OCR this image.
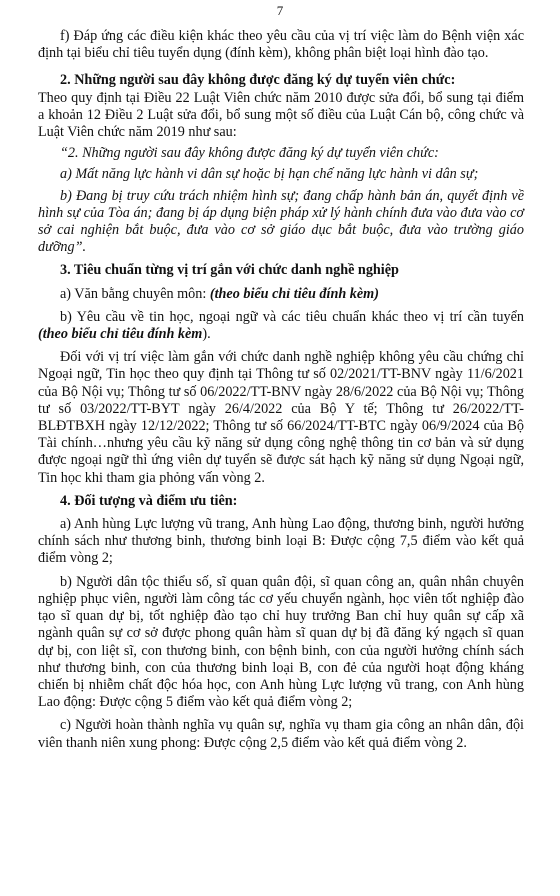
7

f) Đáp ứng các điều kiện khác theo yêu cầu của vị trí việc làm do Bệnh viện xác định tại biểu chỉ tiêu tuyển dụng (đính kèm), không phân biệt loại hình đào tạo.

2. Những người sau đây không được đăng ký dự tuyển viên chức:

Theo quy định tại Điều 22 Luật Viên chức năm 2010 được sửa đổi, bổ sung tại điểm a khoản 12 Điều 2 Luật sửa đổi, bổ sung một số điều của Luật Cán bộ, công chức và Luật Viên chức năm 2019 như sau:

“2. Những người sau đây không được đăng ký dự tuyển viên chức:

a) Mất năng lực hành vi dân sự hoặc bị hạn chế năng lực hành vi dân sự;

b) Đang bị truy cứu trách nhiệm hình sự; đang chấp hành bản án, quyết định về hình sự của Tòa án; đang bị áp dụng biện pháp xử lý hành chính đưa vào đưa vào cơ sở cai nghiện bắt buộc, đưa vào cơ sở giáo dục bắt buộc, đưa vào trường giáo dưỡng”.

3. Tiêu chuẩn từng vị trí gắn với chức danh nghề nghiệp

a) Văn bằng chuyên môn: (theo biểu chỉ tiêu đính kèm)

b) Yêu cầu về tin học, ngoại ngữ và các tiêu chuẩn khác theo vị trí cần tuyển (theo biểu chỉ tiêu đính kèm).

Đối với vị trí việc làm gắn với chức danh nghề nghiệp không yêu cầu chứng chỉ Ngoại ngữ, Tin học theo quy định tại Thông tư số 02/2021/TT-BNV ngày 11/6/2021 của Bộ Nội vụ; Thông tư số 06/2022/TT-BNV ngày 28/6/2022 của Bộ Nội vụ; Thông tư số 03/2022/TT-BYT ngày 26/4/2022 của Bộ Y tế; Thông tư 26/2022/TT-BLĐTBXH ngày 12/12/2022; Thông tư số 66/2024/TT-BTC ngày 06/9/2024 của Bộ Tài chính…nhưng yêu cầu kỹ năng sử dụng công nghệ thông tin cơ bản và sử dụng được ngoại ngữ thì ứng viên dự tuyển sẽ được sát hạch kỹ năng sử dụng Ngoại ngữ, Tin học khi tham gia phỏng vấn vòng 2.

4. Đối tượng và điểm ưu tiên:

a) Anh hùng Lực lượng vũ trang, Anh hùng Lao động, thương binh, người hưởng chính sách như thương binh, thương binh loại B: Được cộng 7,5 điểm vào kết quả điểm vòng 2;

b) Người dân tộc thiểu số, sĩ quan quân đội, sĩ quan công an, quân nhân chuyên nghiệp phục viên, người làm công tác cơ yếu chuyển ngành, học viên tốt nghiệp đào tạo sĩ quan dự bị, tốt nghiệp đào tạo chỉ huy trưởng Ban chỉ huy quân sự cấp xã ngành quân sự cơ sở được phong quân hàm sĩ quan dự bị đã đăng ký ngạch sĩ quan dự bị, con liệt sĩ, con thương binh, con bệnh binh, con của người hưởng chính sách như thương binh, con của thương binh loại B, con đẻ của người hoạt động kháng chiến bị nhiễm chất độc hóa học, con Anh hùng Lực lượng vũ trang, con Anh hùng Lao động: Được cộng 5 điểm vào kết quả điểm vòng 2;

c) Người hoàn thành nghĩa vụ quân sự, nghĩa vụ tham gia công an nhân dân, đội viên thanh niên xung phong: Được cộng 2,5 điểm vào kết quả điểm vòng 2.
